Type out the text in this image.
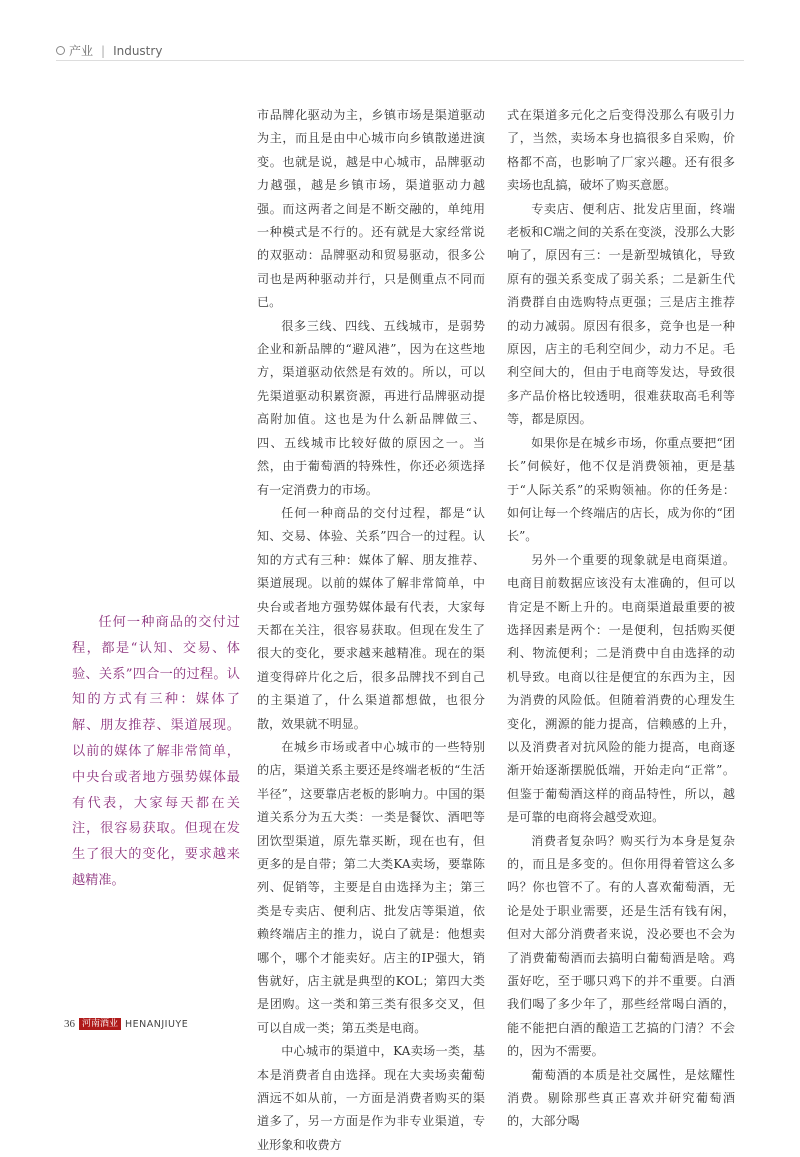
产业 | Industry
任何一种商品的交付过程，都是“认知、交易、体验、关系”四合一的过程。认知的方式有三种：媒体了解、朋友推荐、渠道展现。以前的媒体了解非常简单，中央台或者地方强势媒体最有代表，大家每天都在关注，很容易获取。但现在发生了很大的变化，要求越来越精准。

市品牌化驱动为主，乡镇市场是渠道驱动为主，而且是由中心城市向乡镇散递进演变。也就是说，越是中心城市，品牌驱动力越强，越是乡镇市场，渠道驱动力越强。而这两者之间是不断交融的，单纯用一种模式是不行的。还有就是大家经常说的双驱动：品牌驱动和贸易驱动，很多公司也是两种驱动并行，只是侧重点不同而已。

很多三线、四线、五线城市，是弱势企业和新品牌的“避风港”，因为在这些地方，渠道驱动依然是有效的。所以，可以先渠道驱动积累资源，再进行品牌驱动提高附加值。这也是为什么新品牌做三、四、五线城市比较好做的原因之一。当然，由于葡萄酒的特殊性，你还必须选择有一定消费力的市场。

任何一种商品的交付过程，都是“认知、交易、体验、关系”四合一的过程。认知的方式有三种：媒体了解、朋友推荐、渠道展现。以前的媒体了解非常简单，中央台或者地方强势媒体最有代表，大家每天都在关注，很容易获取。但现在发生了很大的变化，要求越来越精准。现在的渠道变得碎片化之后，很多品牌找不到自己的主渠道了，什么渠道都想做，也很分散，效果就不明显。

在城乡市场或者中心城市的一些特别的店，渠道关系主要还是终端老板的“生活半径”，这要靠店老板的影响力。中国的渠道关系分为五大类：一类是餐饮、酒吧等团饮型渠道，原先靠买断，现在也有，但更多的是自带；第二大类KA卖场，要靠陈列、促销等，主要是自由选择为主；第三类是专卖店、便利店、批发店等渠道，依赖终端店主的推力，说白了就是：他想卖哪个，哪个才能卖好。店主的IP强大，销售就好，店主就是典型的KOL；第四大类是团购。这一类和第三类有很多交叉，但可以自成一类；第五类是电商。

中心城市的渠道中，KA卖场一类，基本是消费者自由选择。现在大卖场卖葡萄酒远不如从前，一方面是消费者购买的渠道多了，另一方面是作为非专业渠道，专业形象和收费方

式在渠道多元化之后变得没那么有吸引力了，当然，卖场本身也搞很多自采购，价格都不高，也影响了厂家兴趣。还有很多卖场也乱搞，破坏了购买意愿。

专卖店、便利店、批发店里面，终端老板和C端之间的关系在变淡，没那么大影响了，原因有三：一是新型城镇化，导致原有的强关系变成了弱关系；二是新生代消费群自由选购特点更强；三是店主推荐的动力减弱。原因有很多，竞争也是一种原因，店主的毛利空间少，动力不足。毛利空间大的，但由于电商等发达，导致很多产品价格比较透明，很难获取高毛利等等，都是原因。

如果你是在城乡市场，你重点要把“团长”伺候好，他不仅是消费领袖，更是基于“人际关系”的采购领袖。你的任务是：如何让每一个终端店的店长，成为你的“团长”。

另外一个重要的现象就是电商渠道。电商目前数据应该没有太准确的，但可以肯定是不断上升的。电商渠道最重要的被选择因素是两个：一是便利，包括购买便利、物流便利；二是消费中自由选择的动机导致。电商以往是便宜的东西为主，因为消费的风险低。但随着消费的心理发生变化，溯源的能力提高，信赖感的上升，以及消费者对抗风险的能力提高，电商逐渐开始逐渐摆脱低端，开始走向“正常”。但鉴于葡萄酒这样的商品特性，所以，越是可靠的电商将会越受欢迎。

消费者复杂吗？购买行为本身是复杂的，而且是多变的。但你用得着管这么多吗？你也管不了。有的人喜欢葡萄酒，无论是处于职业需要，还是生活有钱有闲，但对大部分消费者来说，没必要也不会为了消费葡萄酒而去搞明白葡萄酒是啥。鸡蛋好吃，至于哪只鸡下的并不重要。白酒我们喝了多少年了，那些经常喝白酒的，能不能把白酒的酿造工艺搞的门清？不会的，因为不需要。

葡萄酒的本质是社交属性，是炫耀性消费。剔除那些真正喜欢并研究葡萄酒的，大部分喝

36 河南酒业 HENANJIUYE
